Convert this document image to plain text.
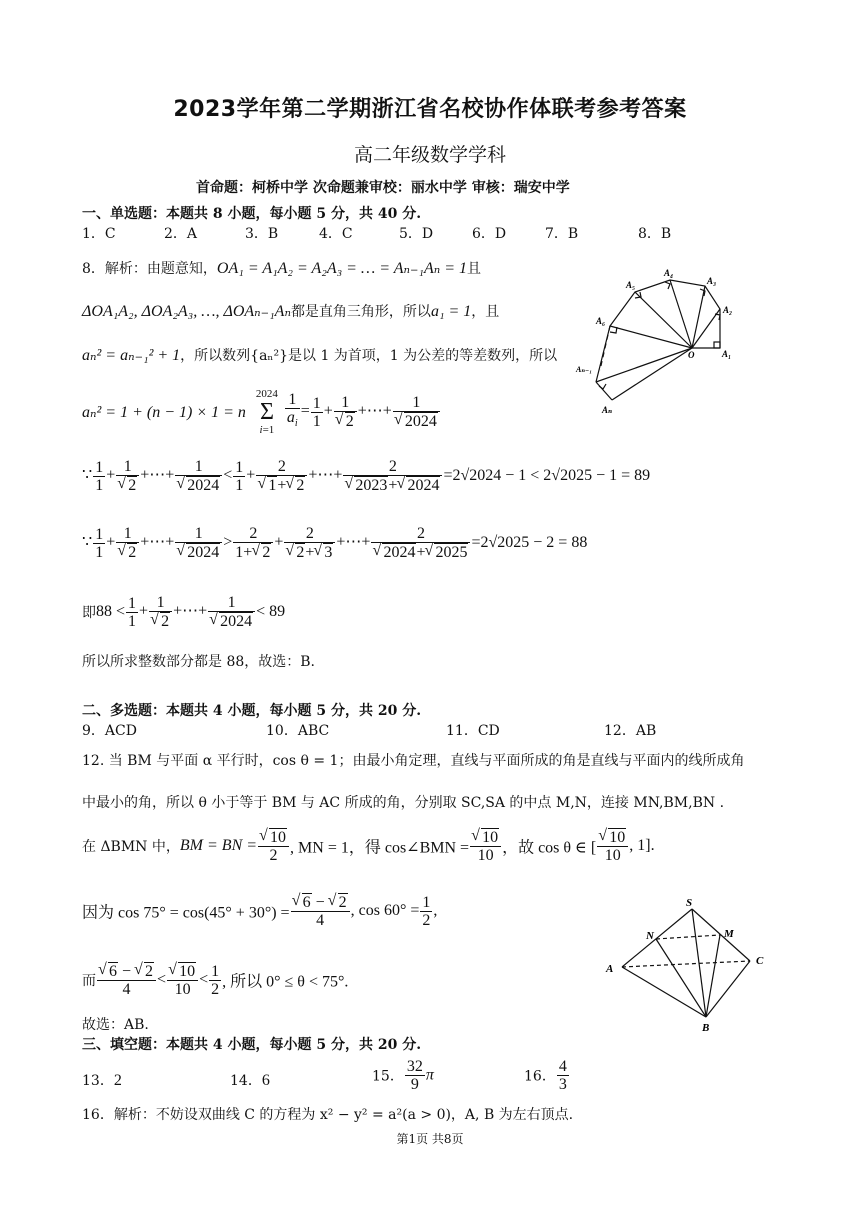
2023学年第二学期浙江省名校协作体联考参考答案
高二年级数学学科
首命题：柯桥中学 次命题兼审校：丽水中学 审核：瑞安中学
一、单选题：本题共 8 小题，每小题 5 分，共 40 分.
1．C	2．A	3．B	4．C	5．D	6．D	7．B	8．B
8．解析：由题意知，OA₁ = A₁A₂ = A₂A₃ = … = Aₙ₋₁Aₙ = 1且
ΔOA₁A₂, ΔOA₂A₃, …, ΔOAₙ₋₁Aₙ都是直角三角形，所以a₁ = 1，且
aₙ² = aₙ₋₁² + 1，所以数列{aₙ²}是以 1 为首项，1 为公差的等差数列，所以
aₙ² = 1 + (n − 1) × 1 = n 2024
Σ
$i=1 \frac{1}{a_i} = \frac{1}{1} + 1$
√ 2 +⋯+ 1
√ 2024
∵ $\frac{1}{1} + 1$
√ 2 +⋯+ 1
√ $2024 < \frac{1}{1} + 2$
√ 1+ √ 2 +⋯+ 2
√ 2023+ √ 2024 =2√2024 − 1 < 2√2025 − 1 = 89
∵ $\frac{1}{1} + 1$
√ 2 +⋯+ 1
√ $2024 > \frac{2}{1+ √ 2} + 2$
√ 2+ √ 3 +⋯+ 2
√ 2024+ √ 2025 =2√2025 − 2 = 88
即$88 < \frac{1}{1} + 1$
√ 2 +⋯+ 1
√ 2024 < 89
所以所求整数部分都是 88，故选：B.
A₁
A₂
A₃
A₄
A₅
A₆
Aₙ₋₁
Aₙ
O
二、多选题：本题共 4 小题，每小题 5 分，共 20 分.
9．ACD	10．ABC	11．CD	12．AB
12. 当 BM 与平面 α 平行时，cos θ = 1；由最小角定理，直线与平面所成的角是直线与平面内的线所成角
中最小的角，所以 θ 小于等于 BM 与 AC 所成的角，分别取 SC,SA 的中点 M,N，连接 MN,BM,BN .
在 ΔBMN 中，BM = BN = √ $\frac{10}{2}$ , MN = 1，得 cos∠BMN = √ $\frac{10}{10}$ ，故 cos θ ∈ [ √ $\frac{10}{10}$ , 1].
因为 cos 75° = cos(45° + 30°) = √ $\frac{6 - √ 2}{4}$ , $\cos 60^\circ = \frac{1}{2}$ ,
而 √ $\frac{6 - √ 2}{4}$ < √ $\frac{10}{10} < \frac{1}{2}$ , 所以 0° ≤ θ < 75°.
故选：AB.
S
N	M
A
C
B
三、填空题：本题共 4 小题，每小题 5 分，共 20 分.
13．2	14．6	15． $\frac{32}{9}$ π	16． $\frac{4}{3}$
16．解析：不妨设双曲线 C 的方程为 x² − y² = a²(a > 0)，A, B 为左右顶点.
第1页 共8页
